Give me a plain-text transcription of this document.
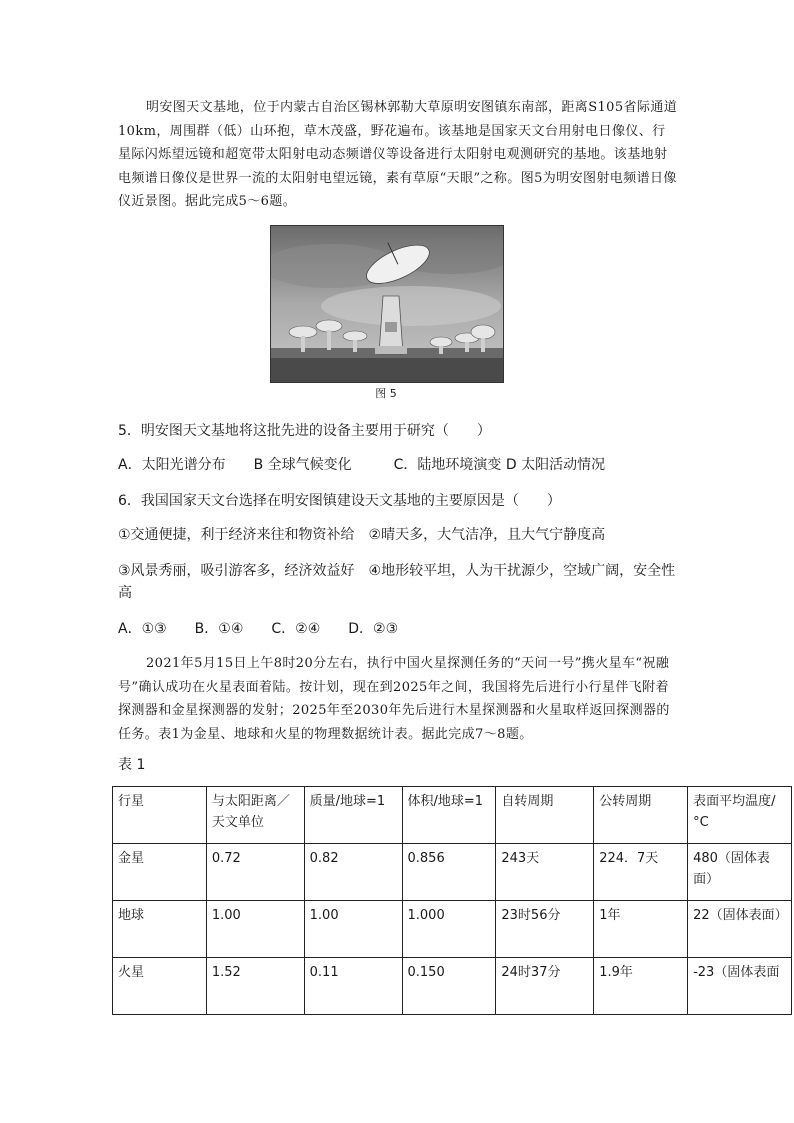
明安图天文基地，位于内蒙古自治区锡林郭勒大草原明安图镇东南部，距离S105省际通道10km，周围群（低）山环抱，草木茂盛，野花遍布。该基地是国家天文台用射电日像仪、行星际闪烁望远镜和超宽带太阳射电动态频谱仪等设备进行太阳射电观测研究的基地。该基地射电频谱日像仪是世界一流的太阳射电望远镜，素有草原“天眼”之称。图5为明安图射电频谱日像仪近景图。据此完成5～6题。
图 5
5．明安图天文基地将这批先进的设备主要用于研究（　　）
A．太阳光谱分布　　B 全球气候变化　　　C．陆地环境演变 D 太阳活动情况
6．我国国家天文台选择在明安图镇建设天文基地的主要原因是（　　）
①交通便捷，利于经济来往和物资补给　②晴天多，大气洁净，且大气宁静度高
③风景秀丽，吸引游客多，经济效益好　④地形较平坦，人为干扰源少，空域广阔，安全性高
A．①③　　B．①④　　C．②④　　D．②③
2021年5月15日上午8时20分左右，执行中国火星探测任务的“天问一号”携火星车“祝融号”确认成功在火星表面着陆。按计划，现在到2025年之间，我国将先后进行小行星伴飞附着探测器和金星探测器的发射；2025年至2030年先后进行木星探测器和火星取样返回探测器的任务。表1为金星、地球和火星的物理数据统计表。据此完成7～8题。
表 1
行星	与太阳距离／天文单位	质量/地球=1	体积/地球=1	自转周期	公转周期	表面平均温度/°C
金星	0.72	0.82	0.856	243天	224．7天	480（固体表面）
地球	1.00	1.00	1.000	23时56分	1年	22（固体表面）
火星	1.52	0.11	0.150	24时37分	1.9年	-23（固体表面
